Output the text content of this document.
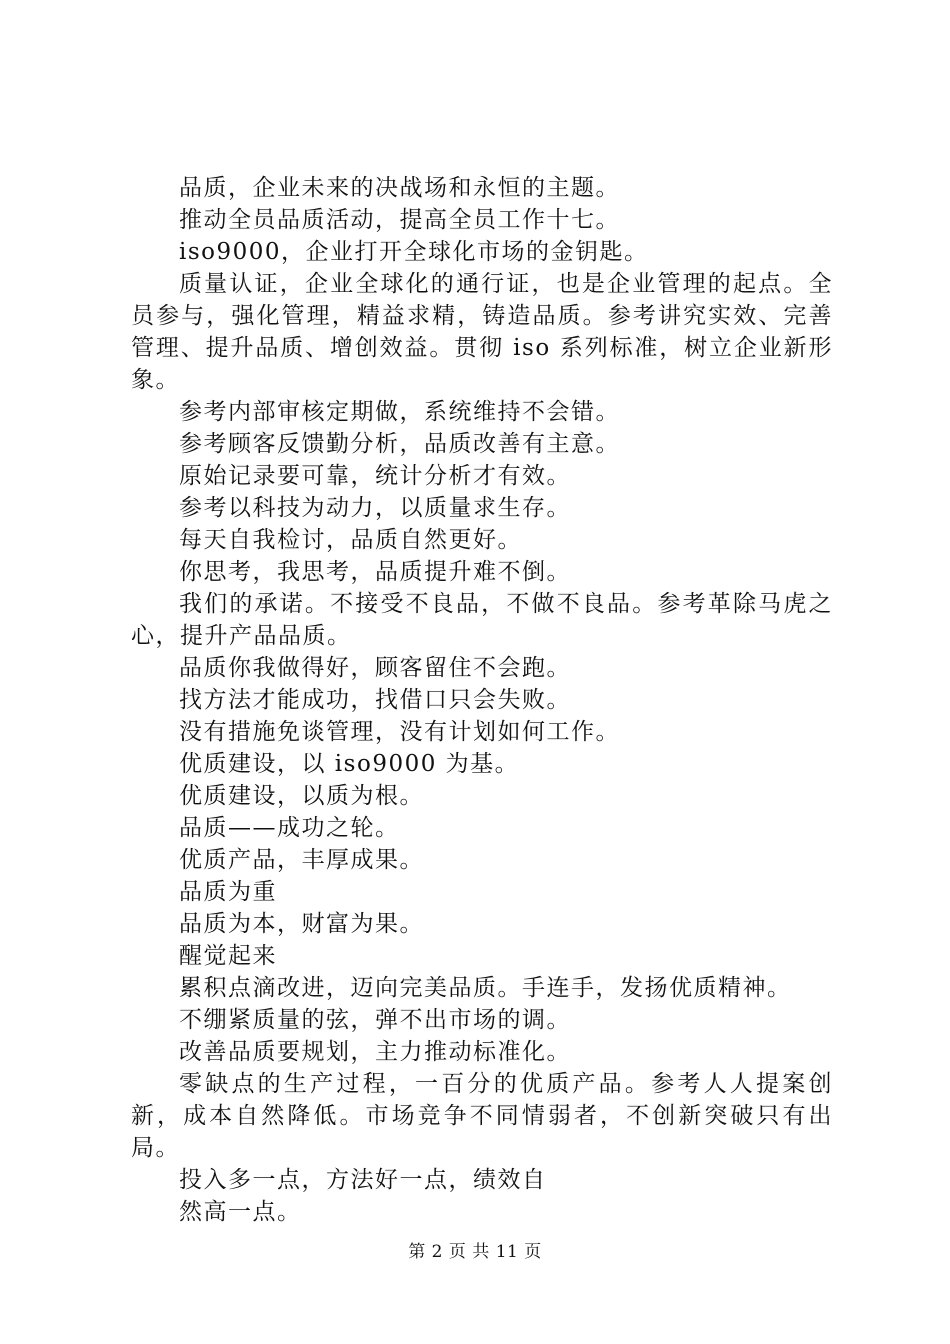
品质，企业未来的决战场和永恒的主题。

推动全员品质活动，提高全员工作十七。

iso9000，企业打开全球化市场的金钥匙。

质量认证，企业全球化的通行证，也是企业管理的起点。全员参与，强化管理，精益求精，铸造品质。参考讲究实效、完善管理、提升品质、增创效益。贯彻 iso 系列标准，树立企业新形象。

参考内部审核定期做，系统维持不会错。

参考顾客反馈勤分析，品质改善有主意。

原始记录要可靠，统计分析才有效。

参考以科技为动力，以质量求生存。

每天自我检讨，品质自然更好。

你思考，我思考，品质提升难不倒。

我们的承诺。不接受不良品，不做不良品。参考革除马虎之心，提升产品品质。

品质你我做得好，顾客留住不会跑。

找方法才能成功，找借口只会失败。

没有措施免谈管理，没有计划如何工作。

优质建设，以 iso9000 为基。

优质建设，以质为根。

品质——成功之轮。

优质产品，丰厚成果。

品质为重

品质为本，财富为果。

醒觉起来

累积点滴改进，迈向完美品质。手连手，发扬优质精神。

不绷紧质量的弦，弹不出市场的调。

改善品质要规划，主力推动标准化。

零缺点的生产过程，一百分的优质产品。参考人人提案创新，成本自然降低。市场竞争不同情弱者，不创新突破只有出局。

投入多一点，方法好一点，绩效自

然高一点。

第 2 页 共 11 页
